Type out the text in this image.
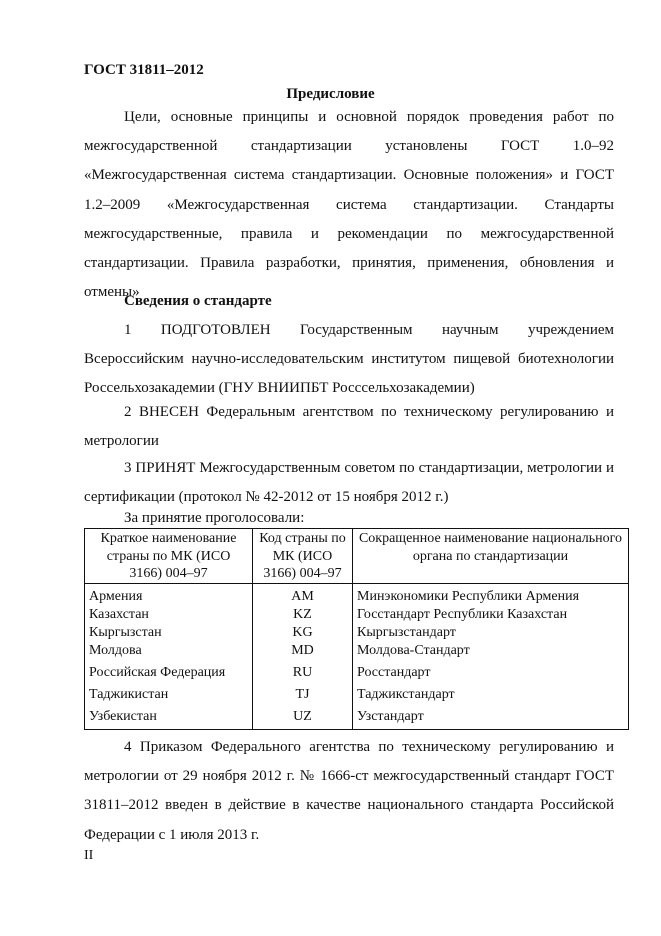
ГОСТ 31811–2012
Предисловие

Цели, основные принципы и основной порядок проведения работ по межгосударственной стандартизации установлены ГОСТ 1.0–92 «Межгосударственная система стандартизации. Основные положения» и ГОСТ 1.2–2009 «Межгосударственная система стандартизации. Стандарты межгосударственные, правила и рекомендации по межгосударственной стандартизации. Правила разработки, принятия, применения, обновления и отмены»

Сведения о стандарте

1 ПОДГОТОВЛЕН Государственным научным учреждением Всероссийским научно-исследовательским институтом пищевой биотехнологии Россельхозакадемии (ГНУ ВНИИПБТ Росссельхозакадемии)

2 ВНЕСЕН Федеральным агентством по техническому регулированию и метрологии

3 ПРИНЯТ Межгосударственным советом по стандартизации, метрологии и сертификации (протокол № 42-2012 от 15 ноября 2012 г.)

За принятие проголосовали:
Краткое наименование страны по МК (ИСО 3166) 004–97	Код страны по МК (ИСО 3166) 004–97	Сокращенное наименование национального органа по стандартизации
Армения	AM	Минэкономики Республики Армения
Казахстан	KZ	Госстандарт Республики Казахстан
Кыргызстан	KG	Кыргызстандарт
Молдова	MD	Молдова-Стандарт
Российская Федерация	RU	Росстандарт
Таджикистан	TJ	Таджикстандарт
Узбекистан	UZ	Узстандарт

4 Приказом Федерального агентства по техническому регулированию и метрологии от 29 ноября 2012 г. № 1666-ст межгосударственный стандарт ГОСТ 31811–2012 введен в действие в качестве национального стандарта Российской Федерации с 1 июля 2013 г.

II
